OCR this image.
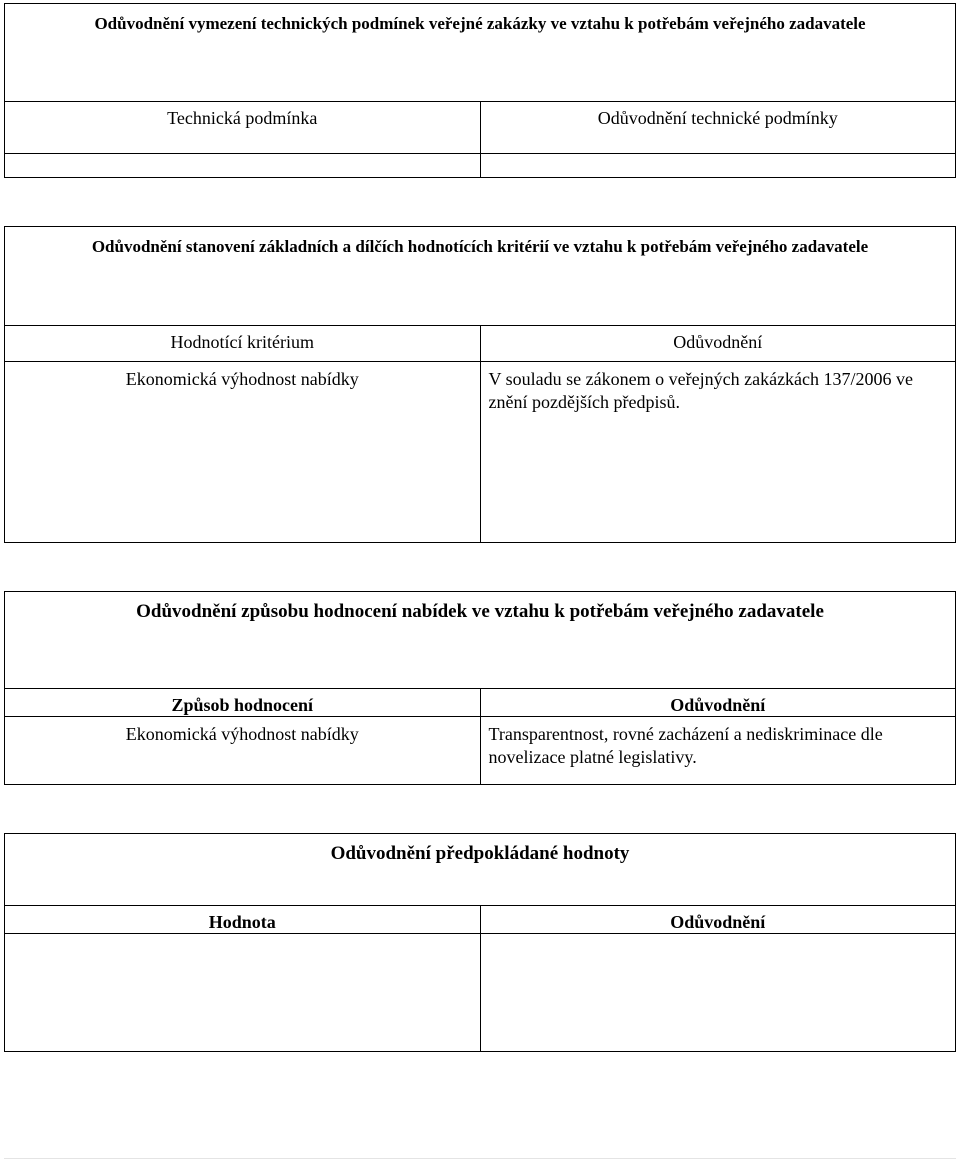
Odůvodnění vymezení technických podmínek veřejné zakázky ve vztahu k potřebám veřejného zadavatele	
Technická podmínka	Odůvodnění technické podmínky

Odůvodnění stanovení základních a dílčích hodnotících kritérií ve vztahu k potřebám veřejného zadavatele	
Hodnotící kritérium	Odůvodnění
Ekonomická výhodnost nabídky	V souladu se zákonem o veřejných zakázkách 137/2006 ve znění pozdějších předpisů.
Odůvodnění způsobu hodnocení nabídek ve vztahu k potřebám veřejného zadavatele	
Způsob hodnocení	Odůvodnění
Ekonomická výhodnost nabídky	Transparentnost, rovné zacházení a nediskriminace dle novelizace platné legislativy.
Odůvodnění předpokládané hodnoty	
Hodnota	Odůvodnění
